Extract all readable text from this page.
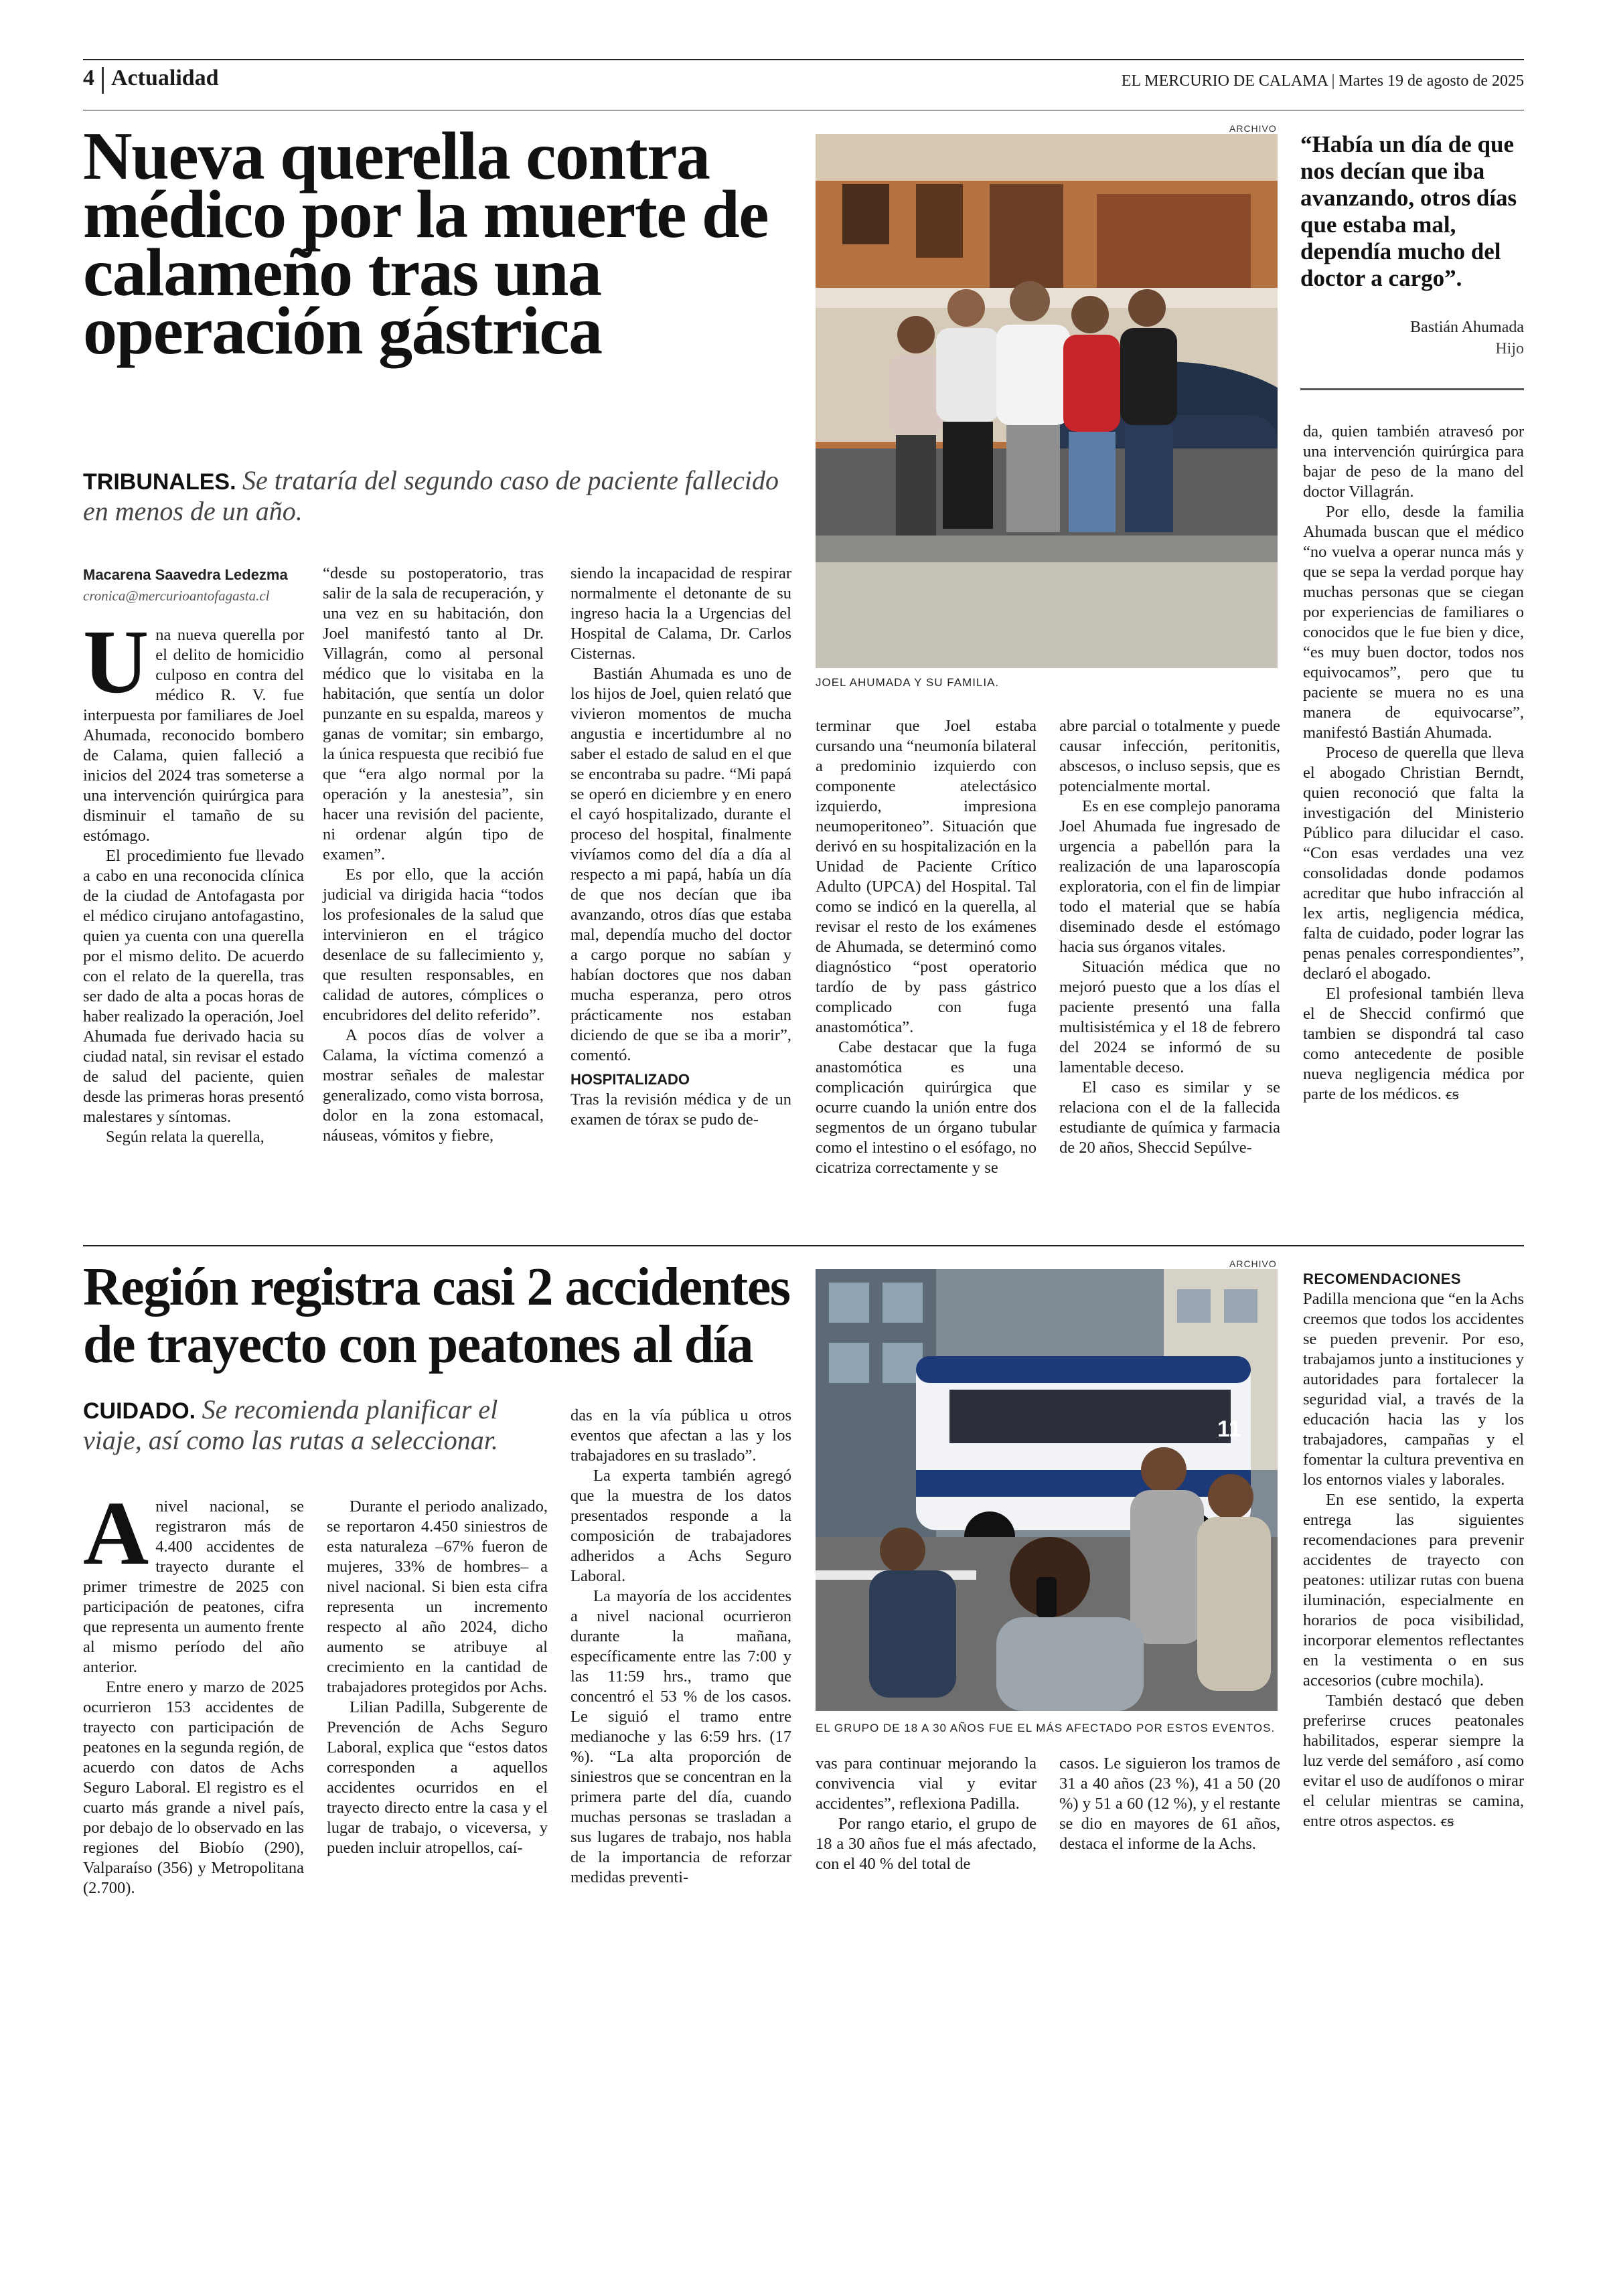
4 Actualidad	EL MERCURIO DE CALAMA | Martes 19 de agosto de 2025
Nueva querella contra médico por la muerte de calameño tras una operación gástrica
TRIBUNALES. Se trataría del segundo caso de paciente fallecido en menos de un año.
Macarena Saavedra Ledezma
cronica@mercurioantofagasta.cl
U na nueva querella por el delito de homicidio culposo en contra del médico R. V. fue interpuesta por familiares de Joel Ahumada, reconocido bombero de Calama, quien falleció a inicios del 2024 tras someterse a una intervención quirúrgica para disminuir el tamaño de su estómago.

El procedimiento fue llevado a cabo en una reconocida clínica de la ciudad de Antofagasta por el médico cirujano antofagastino, quien ya cuenta con una querella por el mismo delito. De acuerdo con el relato de la querella, tras ser dado de alta a pocas horas de haber realizado la operación, Joel Ahumada fue derivado hacia su ciudad natal, sin revisar el estado de salud del paciente, quien desde las primeras horas presentó malestares y síntomas.

Según relata la querella,

“desde su postoperatorio, tras salir de la sala de recuperación, y una vez en su habitación, don Joel manifestó tanto al Dr. Villagrán, como al personal médico que lo visitaba en la habitación, que sentía un dolor punzante en su espalda, mareos y ganas de vomitar; sin embargo, la única respuesta que recibió fue que “era algo normal por la operación y la anestesia”, sin hacer una revisión del paciente, ni ordenar algún tipo de examen”.

Es por ello, que la acción judicial va dirigida hacia “todos los profesionales de la salud que intervinieron en el trágico desenlace de su fallecimiento y, que resulten responsables, en calidad de autores, cómplices o encubridores del delito referido”.

A pocos días de volver a Calama, la víctima comenzó a mostrar señales de malestar generalizado, como vista borrosa, dolor en la zona estomacal, náuseas, vómitos y fiebre,

siendo la incapacidad de respirar normalmente el detonante de su ingreso hacia la a Urgencias del Hospital de Calama, Dr. Carlos Cisternas.

Bastián Ahumada es uno de los hijos de Joel, quien relató que vivieron momentos de mucha angustia e incertidumbre al no saber el estado de salud en el que se encontraba su padre. “Mi papá se operó en diciembre y en enero el cayó hospitalizado, durante el proceso del hospital, finalmente vivíamos como del día a día al respecto a mi papá, había un día de que nos decían que iba avanzando, otros días que estaba mal, dependía mucho del doctor a cargo porque no sabían y habían doctores que nos daban mucha esperanza, pero otros prácticamente nos estaban diciendo de que se iba a morir”, comentó.

HOSPITALIZADO

Tras la revisión médica y de un examen de tórax se pudo de-

ARCHIVO
JOEL AHUMADA Y SU FAMILIA.
“Había un día de que nos decían que iba avanzando, otros días que estaba mal, dependía mucho del doctor a cargo”.
Bastián Ahumada
Hijo

terminar que Joel estaba cursando una “neumonía bilateral a predominio izquierdo con componente atelectásico izquierdo, impresiona neumoperitoneo”. Situación que derivó en su hospitalización en la Unidad de Paciente Crítico Adulto (UPCA) del Hospital. Tal como se indicó en la querella, al revisar el resto de los exámenes de Ahumada, se determinó como diagnóstico “post operatorio tardío de by pass gástrico complicado con fuga anastomótica”.

Cabe destacar que la fuga anastomótica es una complicación quirúrgica que ocurre cuando la unión entre dos segmentos de un órgano tubular como el intestino o el esófago, no cicatriza correctamente y se

abre parcial o totalmente y puede causar infección, peritonitis, abscesos, o incluso sepsis, que es potencialmente mortal.

Es en ese complejo panorama Joel Ahumada fue ingresado de urgencia a pabellón para la realización de una laparoscopía exploratoria, con el fin de limpiar todo el material que se había diseminado desde el estómago hacia sus órganos vitales.

Situación médica que no mejoró puesto que a los días el paciente presentó una falla multisistémica y el 18 de febrero del 2024 se informó de su lamentable deceso.

El caso es similar y se relaciona con el de la fallecida estudiante de química y farmacia de 20 años, Sheccid Sepúlve-

da, quien también atravesó por una intervención quirúrgica para bajar de peso de la mano del doctor Villagrán.

Por ello, desde la familia Ahumada buscan que el médico “no vuelva a operar nunca más y que se sepa la verdad porque hay muchas personas que se ciegan por experiencias de familiares o conocidos que le fue bien y dice, “es muy buen doctor, todos nos equivocamos”, pero que tu paciente se muera no es una manera de equivocarse”, manifestó Bastián Ahumada.

Proceso de querella que lleva el abogado Christian Berndt, quien reconoció que falta la investigación del Ministerio Público para dilucidar el caso. “Con esas verdades una vez consolidadas donde podamos acreditar que hubo infracción al lex artis, negligencia médica, falta de cuidado, poder lograr las penas penales correspondientes”, declaró el abogado.

El profesional también lleva el de Sheccid confirmó que tambien se dispondrá tal caso como antecedente de posible nueva negligencia médica por parte de los médicos. ꞓꞩ

Región registra casi 2 accidentes de trayecto con peatones al día
CUIDADO. Se recomienda planificar el viaje, así como las rutas a seleccionar.
A nivel nacional, se registraron más de 4.400 accidentes de trayecto durante el primer trimestre de 2025 con participación de peatones, cifra que representa un aumento frente al mismo período del año anterior.

Entre enero y marzo de 2025 ocurrieron 153 accidentes de trayecto con participación de peatones en la segunda región, de acuerdo con datos de Achs Seguro Laboral. El registro es el cuarto más grande a nivel país, por debajo de lo observado en las regiones del Biobío (290), Valparaíso (356) y Metropolitana (2.700).

Durante el periodo analizado, se reportaron 4.450 siniestros de esta naturaleza –67% fueron de mujeres, 33% de hombres– a nivel nacional. Si bien esta cifra representa un incremento respecto al año 2024, dicho aumento se atribuye al crecimiento en la cantidad de trabajadores protegidos por Achs.

Lilian Padilla, Subgerente de Prevención de Achs Seguro Laboral, explica que “estos datos corresponden a aquellos accidentes ocurridos en el trayecto directo entre la casa y el lugar de trabajo, o viceversa, y pueden incluir atropellos, caí-

das en la vía pública u otros eventos que afectan a las y los trabajadores en su traslado”.

La experta también agregó que la muestra de los datos presentados responde a la composición de trabajadores adheridos a Achs Seguro Laboral.

La mayoría de los accidentes a nivel nacional ocurrieron durante la mañana, específicamente entre las 7:00 y las 11:59 hrs., tramo que concentró el 53 % de los casos. Le siguió el tramo entre medianoche y las 6:59 hrs. (17 %). “La alta proporción de siniestros que se concentran en la primera parte del día, cuando muchas personas se trasladan a sus lugares de trabajo, nos habla de la importancia de reforzar medidas preventi-

ARCHIVO
11
EL GRUPO DE 18 A 30 AÑOS FUE EL MÁS AFECTADO POR ESTOS EVENTOS.

vas para continuar mejorando la convivencia vial y evitar accidentes”, reflexiona Padilla.

Por rango etario, el grupo de 18 a 30 años fue el más afectado, con el 40 % del total de

casos. Le siguieron los tramos de 31 a 40 años (23 %), 41 a 50 (20 %) y 51 a 60 (12 %), y el restante se dio en mayores de 61 años, destaca el informe de la Achs.

RECOMENDACIONES

Padilla menciona que “en la Achs creemos que todos los accidentes se pueden prevenir. Por eso, trabajamos junto a instituciones y autoridades para fortalecer la seguridad vial, a través de la educación hacia las y los trabajadores, campañas y el fomentar la cultura preventiva en los entornos viales y laborales.

En ese sentido, la experta entrega las siguientes recomendaciones para prevenir accidentes de trayecto con peatones: utilizar rutas con buena iluminación, especialmente en horarios de poca visibilidad, incorporar elementos reflectantes en la vestimenta o en sus accesorios (cubre mochila).

También destacó que deben preferirse cruces peatonales habilitados, esperar siempre la luz verde del semáforo , así como evitar el uso de audífonos o mirar el celular mientras se camina, entre otros aspectos. ꞓꞩ
